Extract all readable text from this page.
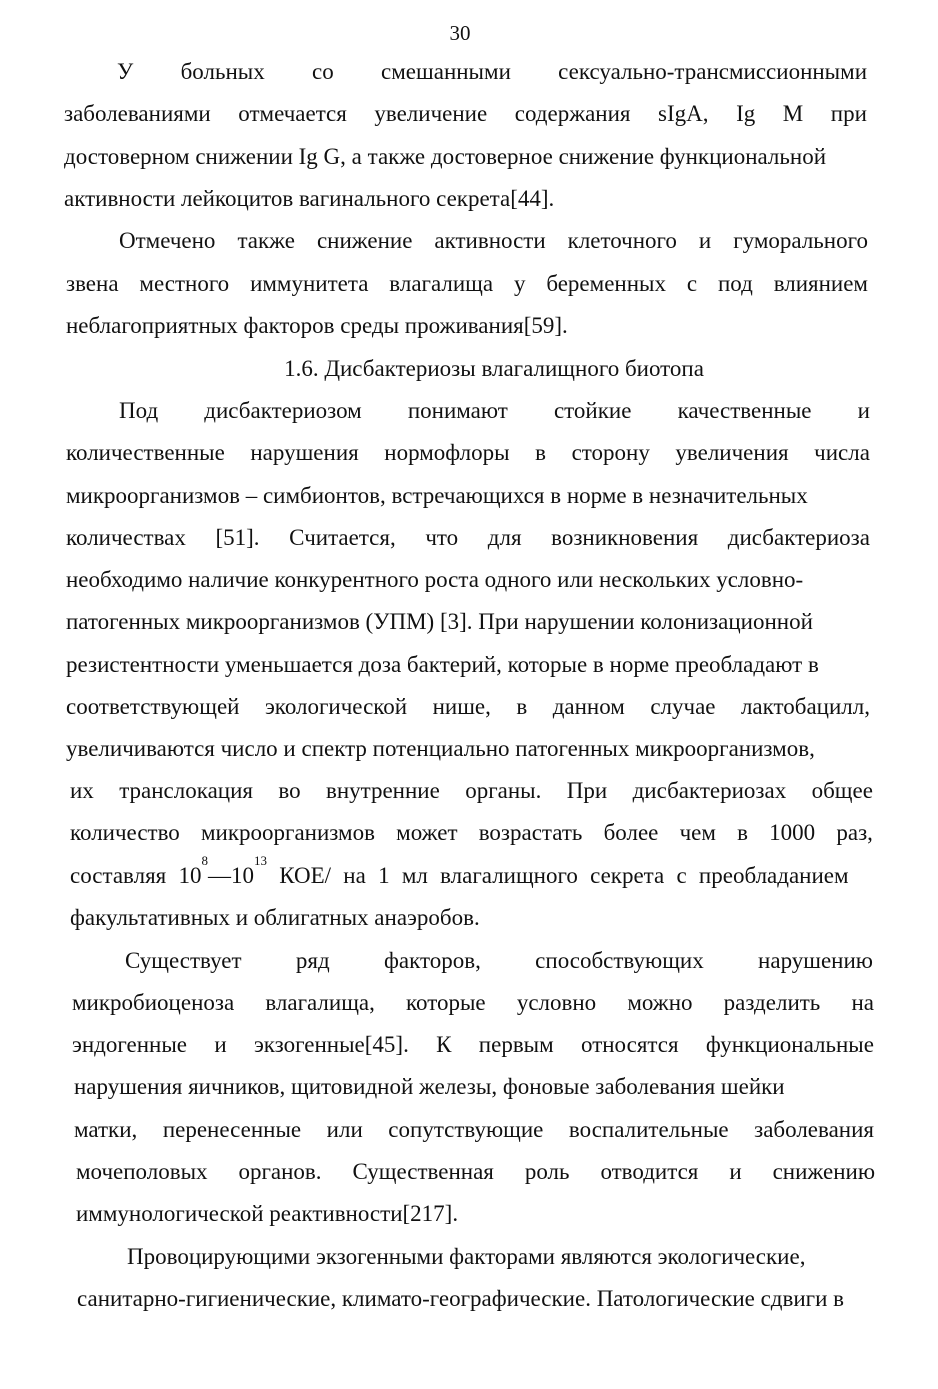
30
У больных со смешанными сексуально-трансмиссионными
заболеваниями отмечается увеличение содержания sIgA, Ig M при
достоверном снижении Ig G, а также достоверное снижение функциональной
активности лейкоцитов вагинального секрета[44].
Отмечено также снижение активности клеточного и гуморального
звена местного иммунитета влагалища у беременных с под влиянием
неблагоприятных факторов среды проживания[59].
Под дисбактериозом понимают стойкие качественные и
количественные нарушения нормофлоры в сторону увеличения числа
микроорганизмов – симбионтов, встречающихся в норме в незначительных
количествах [51]. Считается, что для возникновения дисбактериоза
необходимо наличие конкурентного роста одного или нескольких условно-
патогенных микроорганизмов (УПМ) [3]. При нарушении колонизационной
резистентности уменьшается доза бактерий, которые в норме преобладают в
соответствующей экологической нише, в данном случае лактобацилл,
увеличиваются число и спектр потенциально патогенных микроорганизмов,
их транслокация во внутренние органы. При дисбактериозах общее
количество микроорганизмов может возрастать более чем в 1000 раз,
составляя 10
8
—10
13
КОЕ/ на 1 мл влагалищного секрета с преобладанием
факультативных и облигатных анаэробов.
Существует ряд факторов, способствующих нарушению
микробиоценоза влагалища, которые условно можно разделить на
эндогенные и экзогенные[45]. К первым относятся функциональные
нарушения яичников, щитовидной железы, фоновые заболевания шейки
матки, перенесенные или сопутствующие воспалительные заболевания
мочеполовых органов. Существенная роль отводится и снижению
иммунологической реактивности[217].
Провоцирующими экзогенными факторами являются экологические,
санитарно-гигиенические, климато-географические. Патологические сдвиги в
1.6. Дисбактериозы влагалищного биотопа
